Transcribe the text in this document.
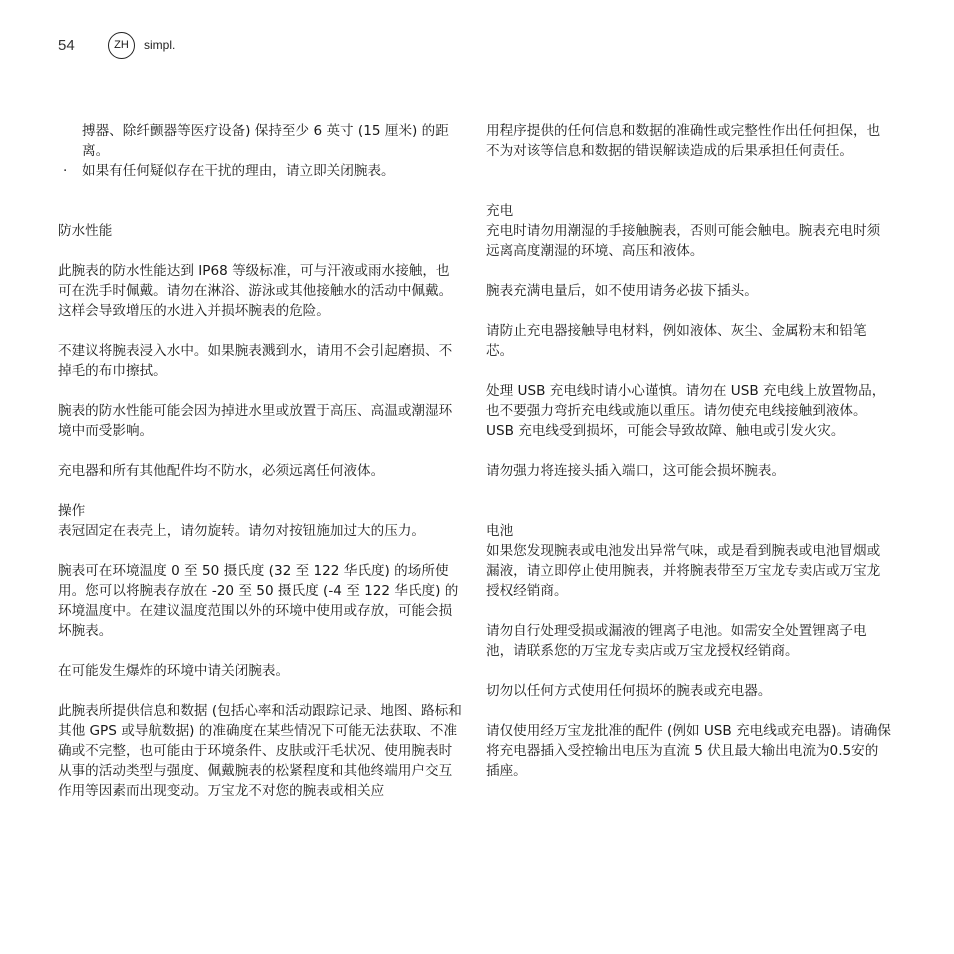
54	ZH	simpl.

搏器、除纤颤器等医疗设备) 保持至少 6 英寸 (15 厘米) 的距离。

· 如果有任何疑似存在干扰的理由，请立即关闭腕表。
防水性能

此腕表的防水性能达到 IP68 等级标准，可与汗液或雨水接触，也可在洗手时佩戴。请勿在淋浴、游泳或其他接触水的活动中佩戴。这样会导致增压的水进入并损坏腕表的危险。

不建议将腕表浸入水中。如果腕表溅到水，请用不会引起磨损、不掉毛的布巾擦拭。

腕表的防水性能可能会因为掉进水里或放置于高压、高温或潮湿环境中而受影响。

充电器和所有其他配件均不防水，必须远离任何液体。

操作

表冠固定在表壳上，请勿旋转。请勿对按钮施加过大的压力。

腕表可在环境温度 0 至 50 摄氏度 (32 至 122 华氏度) 的场所使用。您可以将腕表存放在 -20 至 50 摄氏度 (-4 至 122 华氏度) 的环境温度中。在建议温度范围以外的环境中使用或存放，可能会损坏腕表。

在可能发生爆炸的环境中请关闭腕表。

此腕表所提供信息和数据 (包括心率和活动跟踪记录、地图、路标和其他 GPS 或导航数据) 的准确度在某些情况下可能无法获取、不准确或不完整，也可能由于环境条件、皮肤或汗毛状况、使用腕表时从事的活动类型与强度、佩戴腕表的松紧程度和其他终端用户交互作用等因素而出现变动。万宝龙不对您的腕表或相关应

用程序提供的任何信息和数据的准确性或完整性作出任何担保，也不为对该等信息和数据的错误解读造成的后果承担任何责任。

充电

充电时请勿用潮湿的手接触腕表，否则可能会触电。腕表充电时须远离高度潮湿的环境、高压和液体。

腕表充满电量后，如不使用请务必拔下插头。

请防止充电器接触导电材料，例如液体、灰尘、金属粉末和铅笔芯。

处理 USB 充电线时请小心谨慎。请勿在 USB 充电线上放置物品，也不要强力弯折充电线或施以重压。请勿使充电线接触到液体。USB 充电线受到损坏，可能会导致故障、触电或引发火灾。

请勿强力将连接头插入端口，这可能会损坏腕表。

电池

如果您发现腕表或电池发出异常气味，或是看到腕表或电池冒烟或漏液，请立即停止使用腕表，并将腕表带至万宝龙专卖店或万宝龙授权经销商。

请勿自行处理受损或漏液的锂离子电池。如需安全处置锂离子电池，请联系您的万宝龙专卖店或万宝龙授权经销商。

切勿以任何方式使用任何损坏的腕表或充电器。

请仅使用经万宝龙批准的配件 (例如 USB 充电线或充电器)。请确保将充电器插入受控输出电压为直流 5 伏且最大输出电流为0.5安的插座。
